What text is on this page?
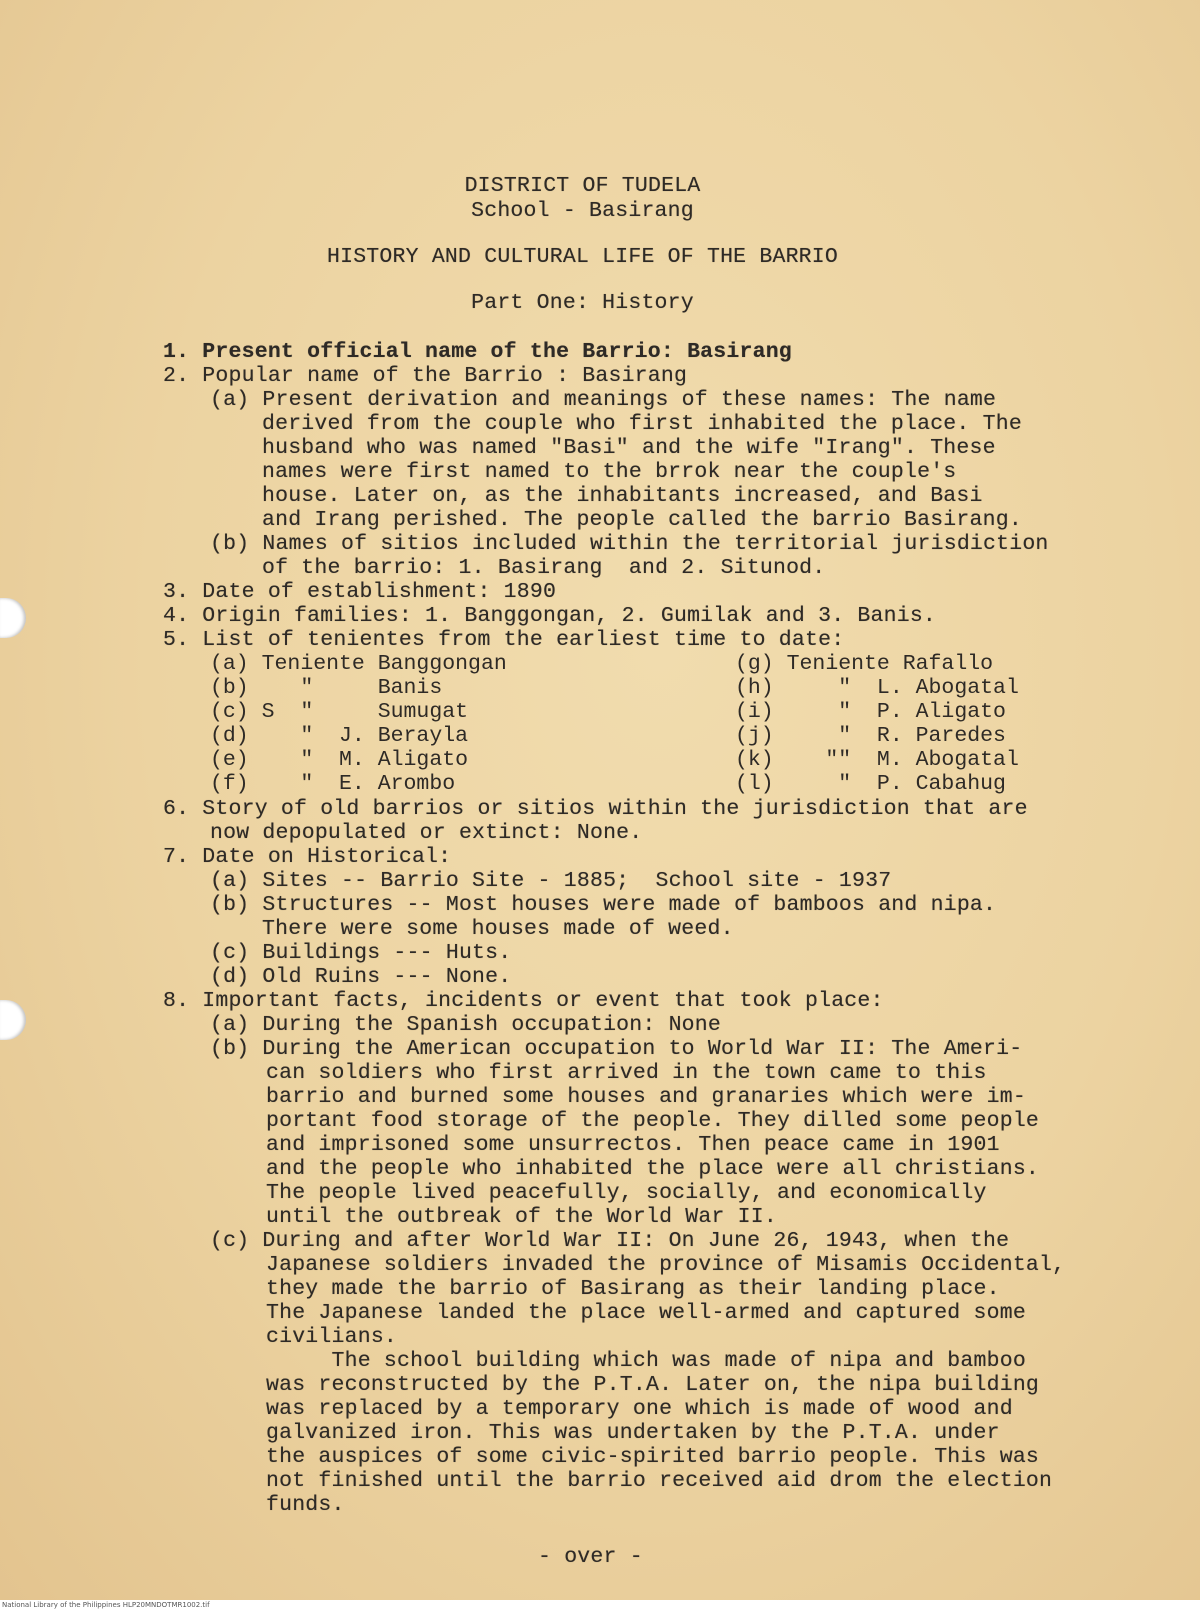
DISTRICT OF TUDELA
School - Basirang
HISTORY AND CULTURAL LIFE OF THE BARRIO
Part One: History
1. Present official name of the Barrio: Basirang
2. Popular name of the Barrio : Basirang
(a) Present derivation and meanings of these names: The name
derived from the couple who first inhabited the place. The
husband who was named "Basi" and the wife "Irang". These
names were first named to the brrok near the couple's
house. Later on, as the inhabitants increased, and Basi
and Irang perished. The people called the barrio Basirang.
(b) Names of sitios included within the territorial jurisdiction
of the barrio: 1. Basirang  and 2. Situnod.
3. Date of establishment: 1890
4. Origin families: 1. Banggongan, 2. Gumilak and 3. Banis.
5. List of tenientes from the earliest time to date:
(a) Teniente Banggongan
(b)    "     Banis
(c) S  "     Sumugat
(d)    "  J. Berayla
(e)    "  M. Aligato
(f)    "  E. Arombo
(g) Teniente Rafallo
(h)     "  L. Abogatal
(i)     "  P. Aligato
(j)     "  R. Paredes
(k)    ""  M. Abogatal
(l)     "  P. Cabahug
6. Story of old barrios or sitios within the jurisdiction that are
now depopulated or extinct: None.
7. Date on Historical:
(a) Sites -- Barrio Site - 1885;  School site - 1937
(b) Structures -- Most houses were made of bamboos and nipa.
There were some houses made of weed.
(c) Buildings --- Huts.
(d) Old Ruins --- None.
8. Important facts, incidents or event that took place:
(a) During the Spanish occupation: None
(b) During the American occupation to World War II: The Ameri-
can soldiers who first arrived in the town came to this
barrio and burned some houses and granaries which were im-
portant food storage of the people. They dilled some people
and imprisoned some unsurrectos. Then peace came in 1901
and the people who inhabited the place were all christians.
The people lived peacefully, socially, and economically
until the outbreak of the World War II.
(c) During and after World War II: On June 26, 1943, when the
Japanese soldiers invaded the province of Misamis Occidental,
they made the barrio of Basirang as their landing place.
The Japanese landed the place well-armed and captured some
civilians.
The school building which was made of nipa and bamboo
was reconstructed by the P.T.A. Later on, the nipa building
was replaced by a temporary one which is made of wood and
galvanized iron. This was undertaken by the P.T.A. under
the auspices of some civic-spirited barrio people. This was
not finished until the barrio received aid drom the election
funds.
- over -
National Library of the Philippines HLP20MNDOTMR1002.tif
